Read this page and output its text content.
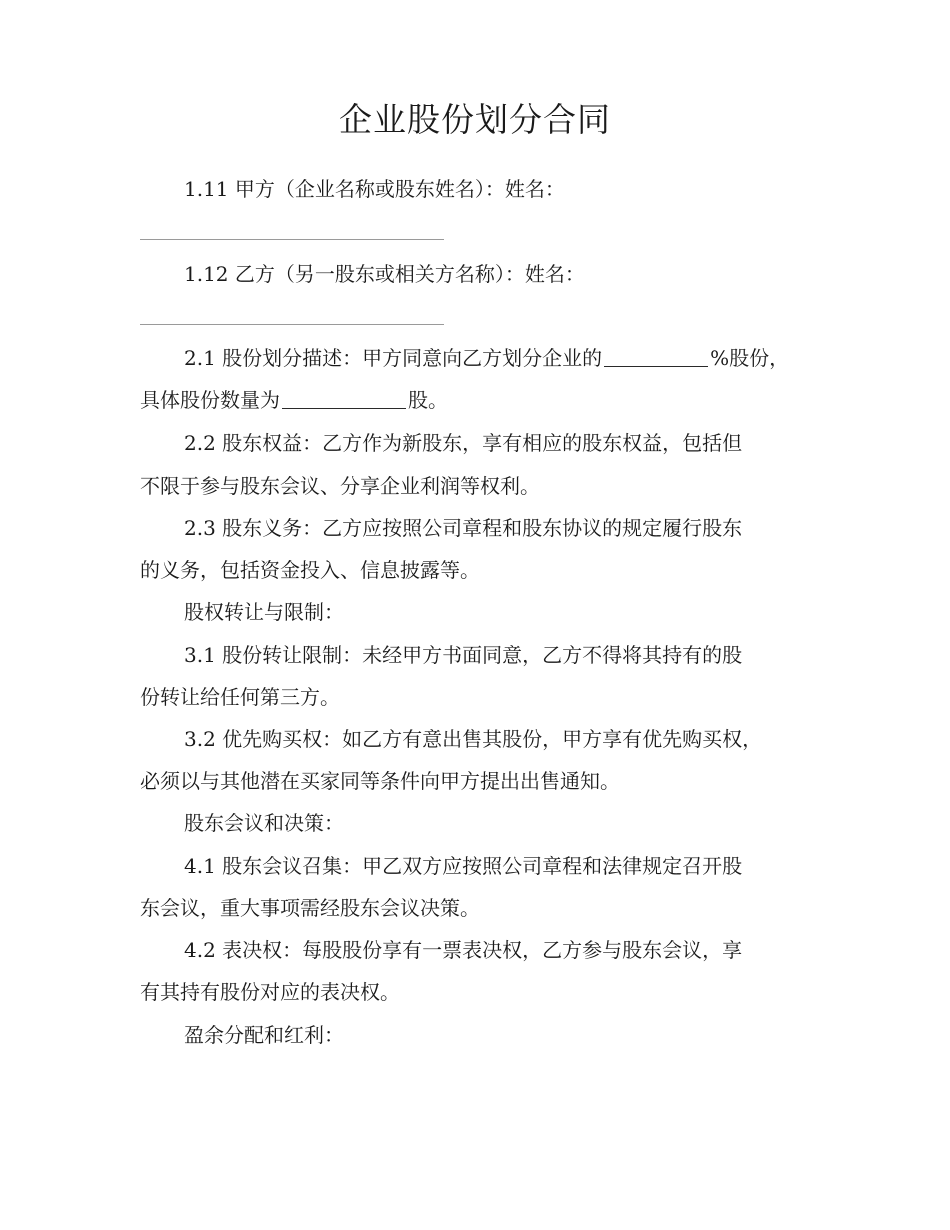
企业股份划分合同
1.11 甲方（企业名称或股东姓名）：姓名：
1.12 乙方（另一股东或相关方名称）：姓名：
2.1 股份划分描述：甲方同意向乙方划分企业的	%股份，
具体股份数量为	股。
2.2 股东权益：乙方作为新股东，享有相应的股东权益，包括但
不限于参与股东会议、分享企业利润等权利。
2.3 股东义务：乙方应按照公司章程和股东协议的规定履行股东
的义务，包括资金投入、信息披露等。
股权转让与限制：
3.1 股份转让限制：未经甲方书面同意，乙方不得将其持有的股
份转让给任何第三方。
3.2 优先购买权：如乙方有意出售其股份，甲方享有优先购买权，
必须以与其他潜在买家同等条件向甲方提出出售通知。
股东会议和决策：
4.1 股东会议召集：甲乙双方应按照公司章程和法律规定召开股
东会议，重大事项需经股东会议决策。
4.2 表决权：每股股份享有一票表决权，乙方参与股东会议，享
有其持有股份对应的表决权。
盈余分配和红利：
